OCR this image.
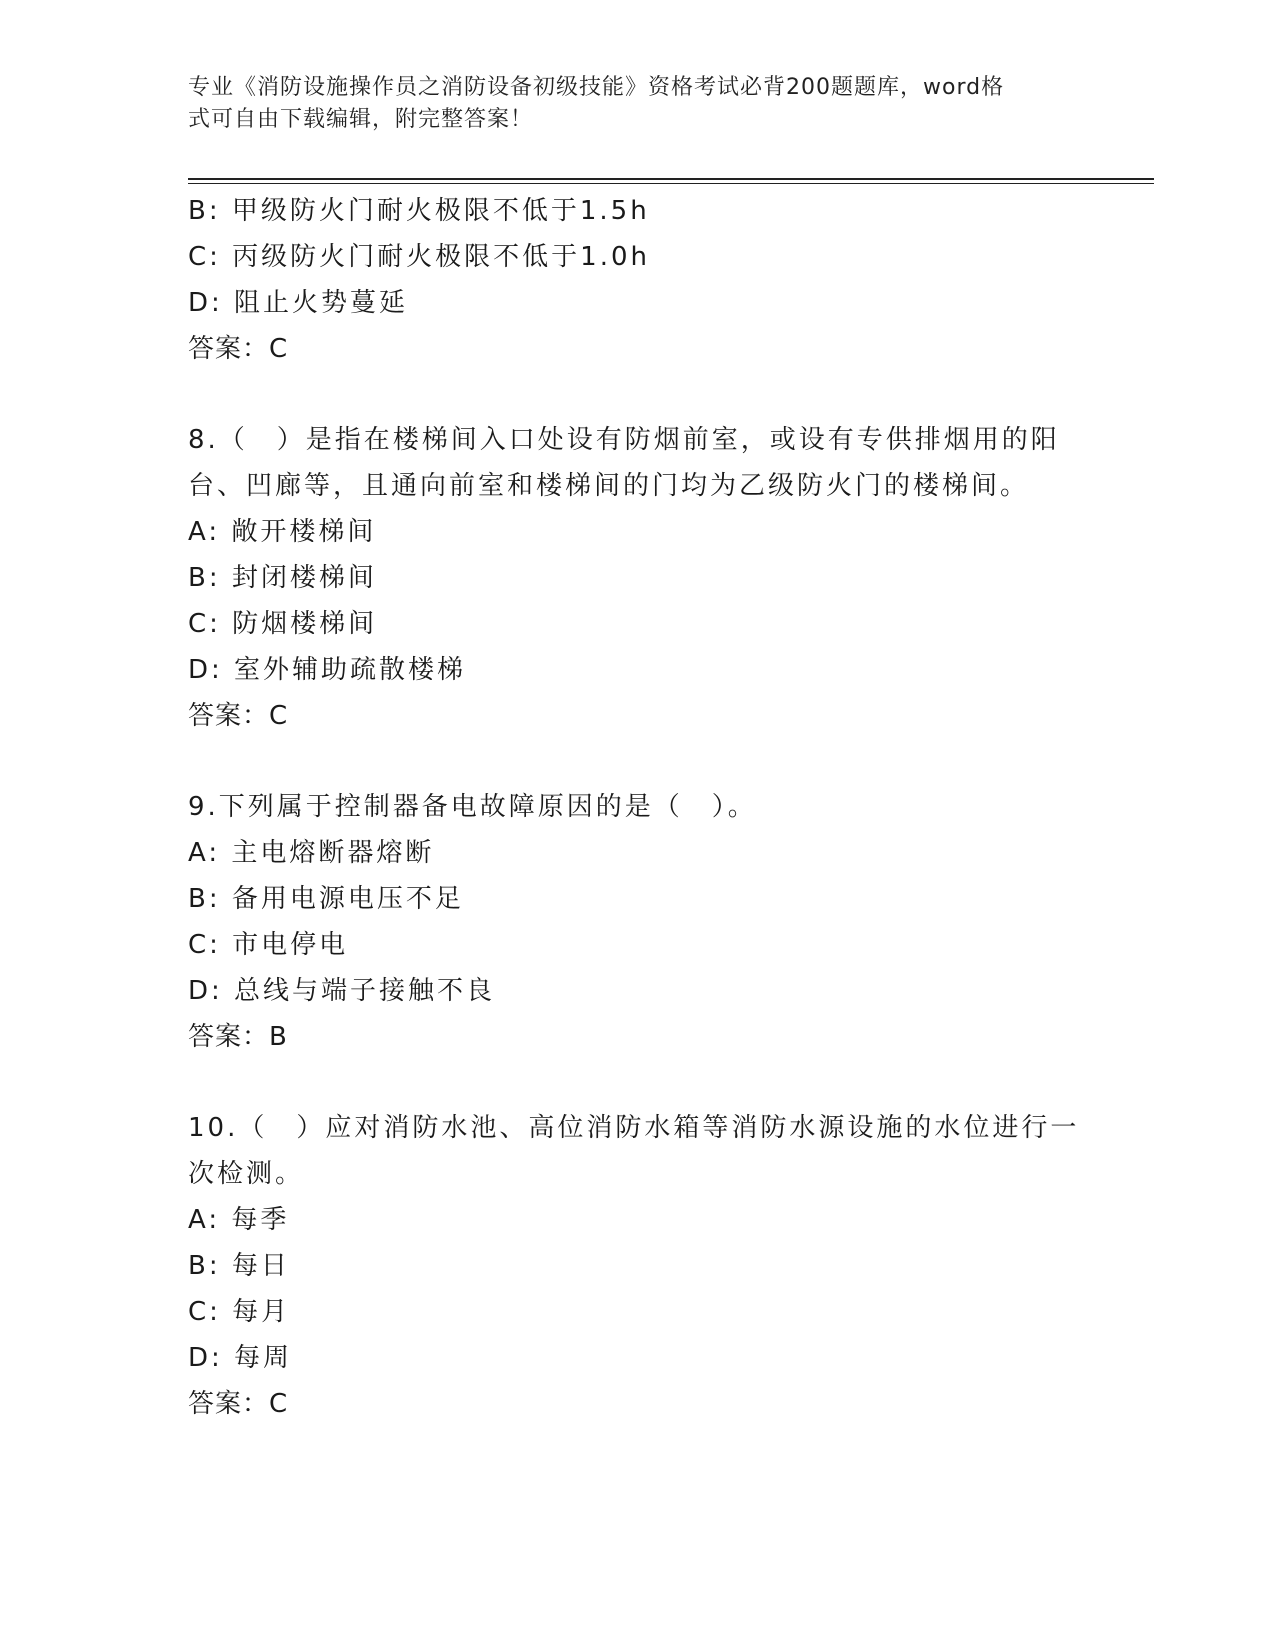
专业《消防设施操作员之消防设备初级技能》资格考试必背200题题库，word格
式可自由下载编辑，附完整答案！
B: 甲级防火门耐火极限不低于1.5h
C: 丙级防火门耐火极限不低于1.0h
D: 阻止火势蔓延
答案：C
8.（　）是指在楼梯间入口处设有防烟前室，或设有专供排烟用的阳
台、凹廊等，且通向前室和楼梯间的门均为乙级防火门的楼梯间。
A: 敞开楼梯间
B: 封闭楼梯间
C: 防烟楼梯间
D: 室外辅助疏散楼梯
答案：C
9.下列属于控制器备电故障原因的是（　）。
A: 主电熔断器熔断
B: 备用电源电压不足
C: 市电停电
D: 总线与端子接触不良
答案：B
10.（　）应对消防水池、高位消防水箱等消防水源设施的水位进行一
次检测。
A: 每季
B: 每日
C: 每月
D: 每周
答案：C
